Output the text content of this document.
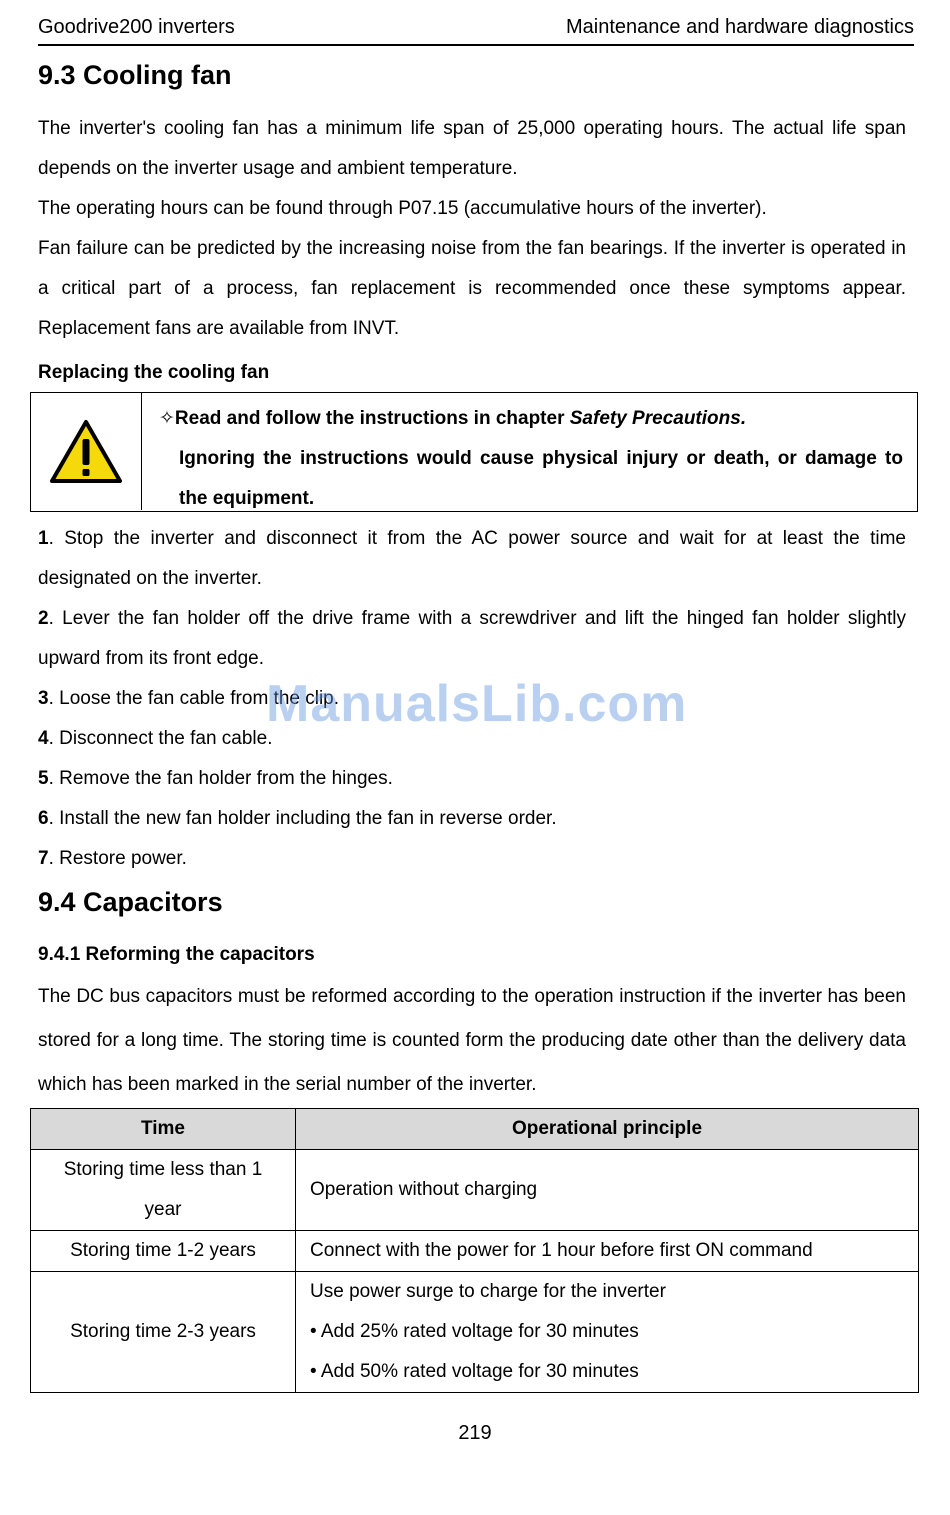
Goodrive200 inverters	Maintenance and hardware diagnostics
9.3 Cooling fan
The inverter's cooling fan has a minimum life span of 25,000 operating hours. The actual life span depends on the inverter usage and ambient temperature.
The operating hours can be found through P07.15 (accumulative hours of the inverter).
Fan failure can be predicted by the increasing noise from the fan bearings. If the inverter is operated in a critical part of a process, fan replacement is recommended once these symptoms appear. Replacement fans are available from INVT.
Replacing the cooling fan
✧Read and follow the instructions in chapter Safety Precautions.
Ignoring the instructions would cause physical injury or death, or damage to the equipment.
1. Stop the inverter and disconnect it from the AC power source and wait for at least the time designated on the inverter.
2. Lever the fan holder off the drive frame with a screwdriver and lift the hinged fan holder slightly upward from its front edge.
3. Loose the fan cable from the clip.
4. Disconnect the fan cable.
5. Remove the fan holder from the hinges.
6. Install the new fan holder including the fan in reverse order.
7. Restore power.
ManualsLib.com
9.4 Capacitors
9.4.1 Reforming the capacitors
The DC bus capacitors must be reformed according to the operation instruction if the inverter has been stored for a long time. The storing time is counted form the producing date other than the delivery data which has been marked in the serial number of the inverter.
Time	Operational principle
Storing time less than 1 year	Operation without charging
Storing time 1-2 years	Connect with the power for 1 hour before first ON command
Storing time 2-3 years	Use power surge to charge for the inverter
• Add 25% rated voltage for 30 minutes
• Add 50% rated voltage for 30 minutes
219
